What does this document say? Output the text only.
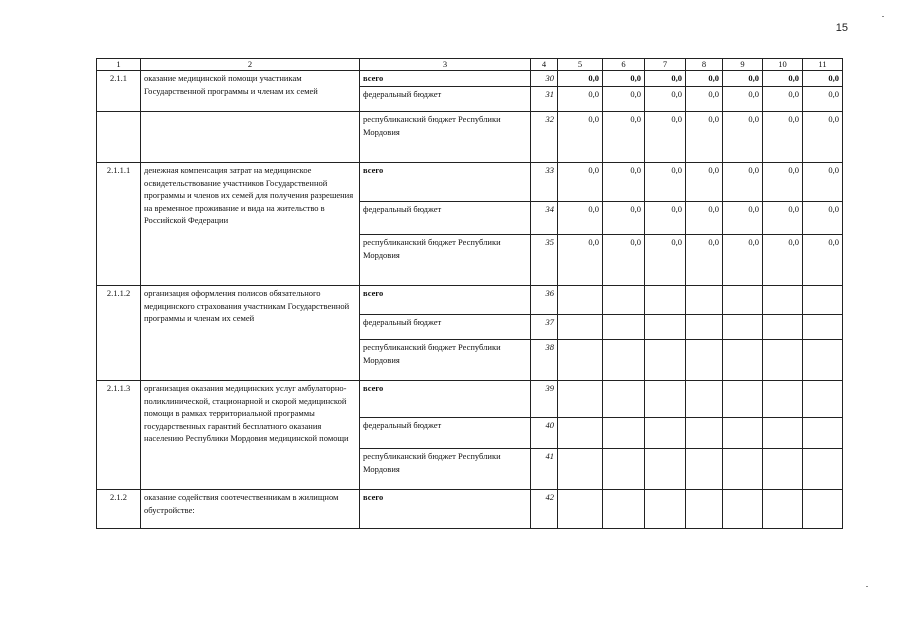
15
1	2	3	4	5	6	7	8	9	10	11
2.1.1	оказание медицинской помощи участникам Государственной программы и членам их семей	всего	30	0,0	0,0	0,0	0,0	0,0	0,0	0,0
		федеральный бюджет	31	0,0	0,0	0,0	0,0	0,0	0,0	0,0
		республиканский бюджет Республики Мордовия	32	0,0	0,0	0,0	0,0	0,0	0,0	0,0
2.1.1.1	денежная компенсация затрат на медицинское освидетельствование участников Государственной программы и членов их семей для получения разрешения на временное проживание и вида на жительство в Российской Федерации	всего	33	0,0	0,0	0,0	0,0	0,0	0,0	0,0
		федеральный бюджет	34	0,0	0,0	0,0	0,0	0,0	0,0	0,0
		республиканский бюджет Республики Мордовия	35	0,0	0,0	0,0	0,0	0,0	0,0	0,0
2.1.1.2	организация оформления полисов обязательного медицинского страхования участникам Государственной программы и членам их семей	всего	36							
		федеральный бюджет	37							
		республиканский бюджет Республики Мордовия	38							
2.1.1.3	организация оказания медицинских услуг амбулаторно-поликлинической, стационарной и скорой медицинской помощи в рамках территориальной программы государственных гарантий бесплатного оказания населению Республики Мордовия медицинской помощи	всего	39							
		федеральный бюджет	40							
		республиканский бюджет Республики Мордовия	41							
2.1.2	оказание содействия соотечественникам в жилищном обустройстве:	всего	42							
